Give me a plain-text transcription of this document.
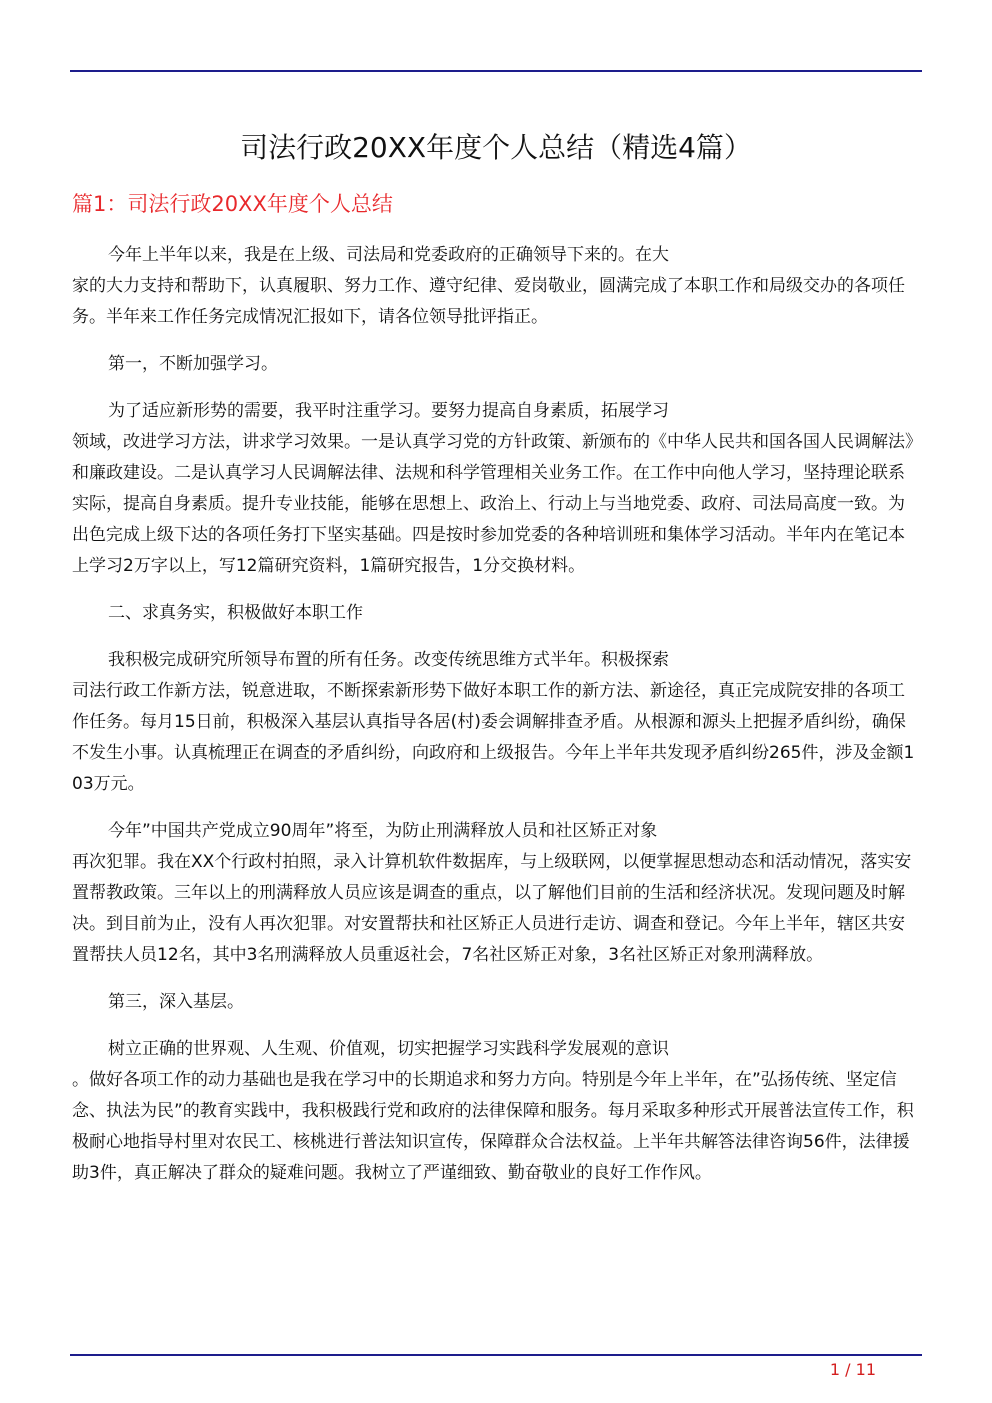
司法行政20XX年度个人总结（精选4篇）
篇1：司法行政20XX年度个人总结
今年上半年以来，我是在上级、司法局和党委政府的正确领导下来的。在大
家的大力支持和帮助下，认真履职、努力工作、遵守纪律、爱岗敬业，圆满完成了本职工作和局级交办的各项任务。半年来工作任务完成情况汇报如下，请各位领导批评指正。
第一，不断加强学习。
为了适应新形势的需要，我平时注重学习。要努力提高自身素质，拓展学习
领域，改进学习方法，讲求学习效果。一是认真学习党的方针政策、新颁布的《中华人民共和国各国人民调解法》和廉政建设。二是认真学习人民调解法律、法规和科学管理相关业务工作。在工作中向他人学习，坚持理论联系实际，提高自身素质。提升专业技能，能够在思想上、政治上、行动上与当地党委、政府、司法局高度一致。为出色完成上级下达的各项任务打下坚实基础。四是按时参加党委的各种培训班和集体学习活动。半年内在笔记本上学习2万字以上，写12篇研究资料，1篇研究报告，1分交换材料。
二、求真务实，积极做好本职工作
我积极完成研究所领导布置的所有任务。改变传统思维方式半年。积极探索
司法行政工作新方法，锐意进取，不断探索新形势下做好本职工作的新方法、新途径，真正完成院安排的各项工作任务。每月15日前，积极深入基层认真指导各居(村)委会调解排查矛盾。从根源和源头上把握矛盾纠纷，确保不发生小事。认真梳理正在调查的矛盾纠纷，向政府和上级报告。今年上半年共发现矛盾纠纷265件，涉及金额103万元。
今年”中国共产党成立90周年”将至，为防止刑满释放人员和社区矫正对象
再次犯罪。我在XX个行政村拍照，录入计算机软件数据库，与上级联网，以便掌握思想动态和活动情况，落实安置帮教政策。三年以上的刑满释放人员应该是调查的重点，以了解他们目前的生活和经济状况。发现问题及时解决。到目前为止，没有人再次犯罪。对安置帮扶和社区矫正人员进行走访、调查和登记。今年上半年，辖区共安置帮扶人员12名，其中3名刑满释放人员重返社会，7名社区矫正对象，3名社区矫正对象刑满释放。
第三，深入基层。
树立正确的世界观、人生观、价值观，切实把握学习实践科学发展观的意识
。做好各项工作的动力基础也是我在学习中的长期追求和努力方向。特别是今年上半年，在”弘扬传统、坚定信念、执法为民”的教育实践中，我积极践行党和政府的法律保障和服务。每月采取多种形式开展普法宣传工作，积极耐心地指导村里对农民工、核桃进行普法知识宣传，保障群众合法权益。上半年共解答法律咨询56件，法律援助3件，真正解决了群众的疑难问题。我树立了严谨细致、勤奋敬业的良好工作作风。
1 / 11
